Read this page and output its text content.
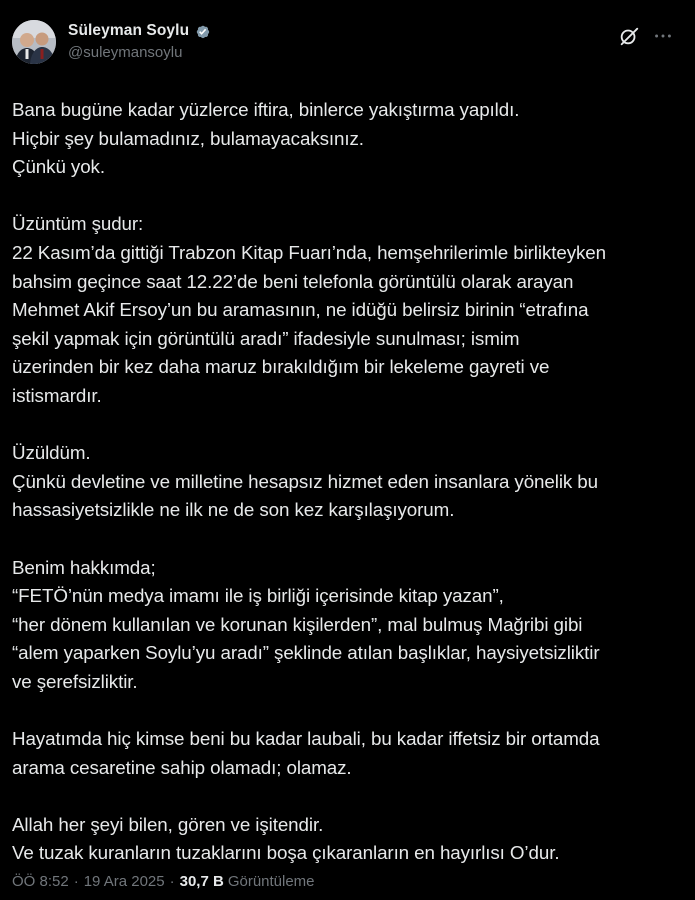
Süleyman Soylu
@suleymansoylu
Bana bugüne kadar yüzlerce iftira, binlerce yakıştırma yapıldı.
Hiçbir şey bulamadınız, bulamayacaksınız.
Çünkü yok.

Üzüntüm şudur:
22 Kasım’da gittiği Trabzon Kitap Fuarı’nda, hemşehrilerimle birlikteyken
bahsim geçince saat 12.22’de beni telefonla görüntülü olarak arayan
Mehmet Akif Ersoy’un bu aramasının, ne idüğü belirsiz birinin “etrafına
şekil yapmak için görüntülü aradı” ifadesiyle sunulması; ismim
üzerinden bir kez daha maruz bırakıldığım bir lekeleme gayreti ve
istismardır.

Üzüldüm.
Çünkü devletine ve milletine hesapsız hizmet eden insanlara yönelik bu
hassasiyetsizlikle ne ilk ne de son kez karşılaşıyorum.

Benim hakkımda;
“FETÖ’nün medya imamı ile iş birliği içerisinde kitap yazan”,
“her dönem kullanılan ve korunan kişilerden”, mal bulmuş Mağribi gibi
“alem yaparken Soylu’yu aradı” şeklinde atılan başlıklar, haysiyetsizliktir
ve şerefsizliktir.

Hayatımda hiç kimse beni bu kadar laubali, bu kadar iffetsiz bir ortamda
arama cesaretine sahip olamadı; olamaz.

Allah her şeyi bilen, gören ve işitendir.
Ve tuzak kuranların tuzaklarını boşa çıkaranların en hayırlısı O’dur.
ÖÖ 8:52 · 19 Ara 2025 · 30,7 B Görüntüleme
